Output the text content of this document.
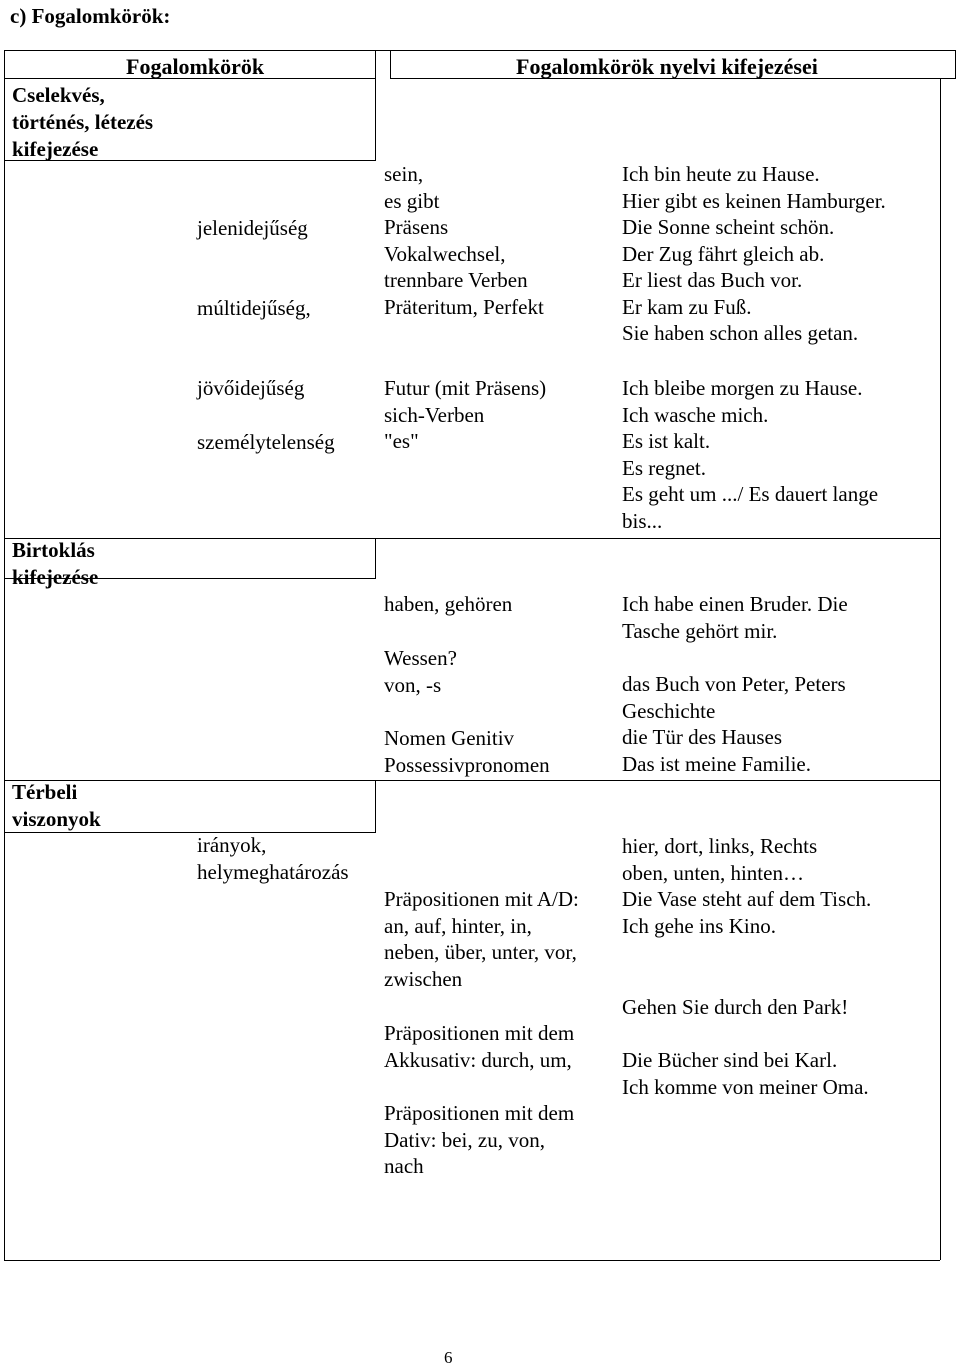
c) Fogalomkörök:
Fogalomkörök	Fogalomkörök nyelvi kifejezései
Cselekvés,
történés, létezés
kifejezése
Birtoklás
kifejezése
Térbeli
viszonyok
jelenidejűség
múltidejűség,
jövőidejűség
személytelenség
irányok,
helymeghatározás
sein,
es gibt
Präsens
Vokalwechsel,
trennbare Verben
Präteritum, Perfekt
Futur (mit Präsens)
sich-Verben
"es"
haben, gehören
Wessen?
von, -s
Nomen Genitiv
Possessivpronomen
Präpositionen mit A/D:
an, auf, hinter, in,
neben, über, unter, vor,
zwischen
Präpositionen mit dem
Akkusativ: durch, um,
Präpositionen mit dem
Dativ: bei, zu, von,
nach
Ich bin heute zu Hause.
Hier gibt es keinen Hamburger.
Die Sonne scheint schön.
Der Zug fährt gleich ab.
Er liest das Buch vor.
Er kam zu Fuß.
Sie haben schon alles getan.
Ich bleibe morgen zu Hause.
Ich wasche mich.
Es ist kalt.
Es regnet.
Es geht um .../ Es dauert lange
bis...
Ich habe einen Bruder. Die
Tasche gehört mir.
das Buch von Peter, Peters
Geschichte
die Tür des Hauses
Das ist meine Familie.
hier, dort, links, Rechts
oben, unten, hinten…
Die Vase steht auf dem Tisch.
Ich gehe ins Kino.
Gehen Sie durch den Park!
Die Bücher sind bei Karl.
Ich komme von meiner Oma.
6
